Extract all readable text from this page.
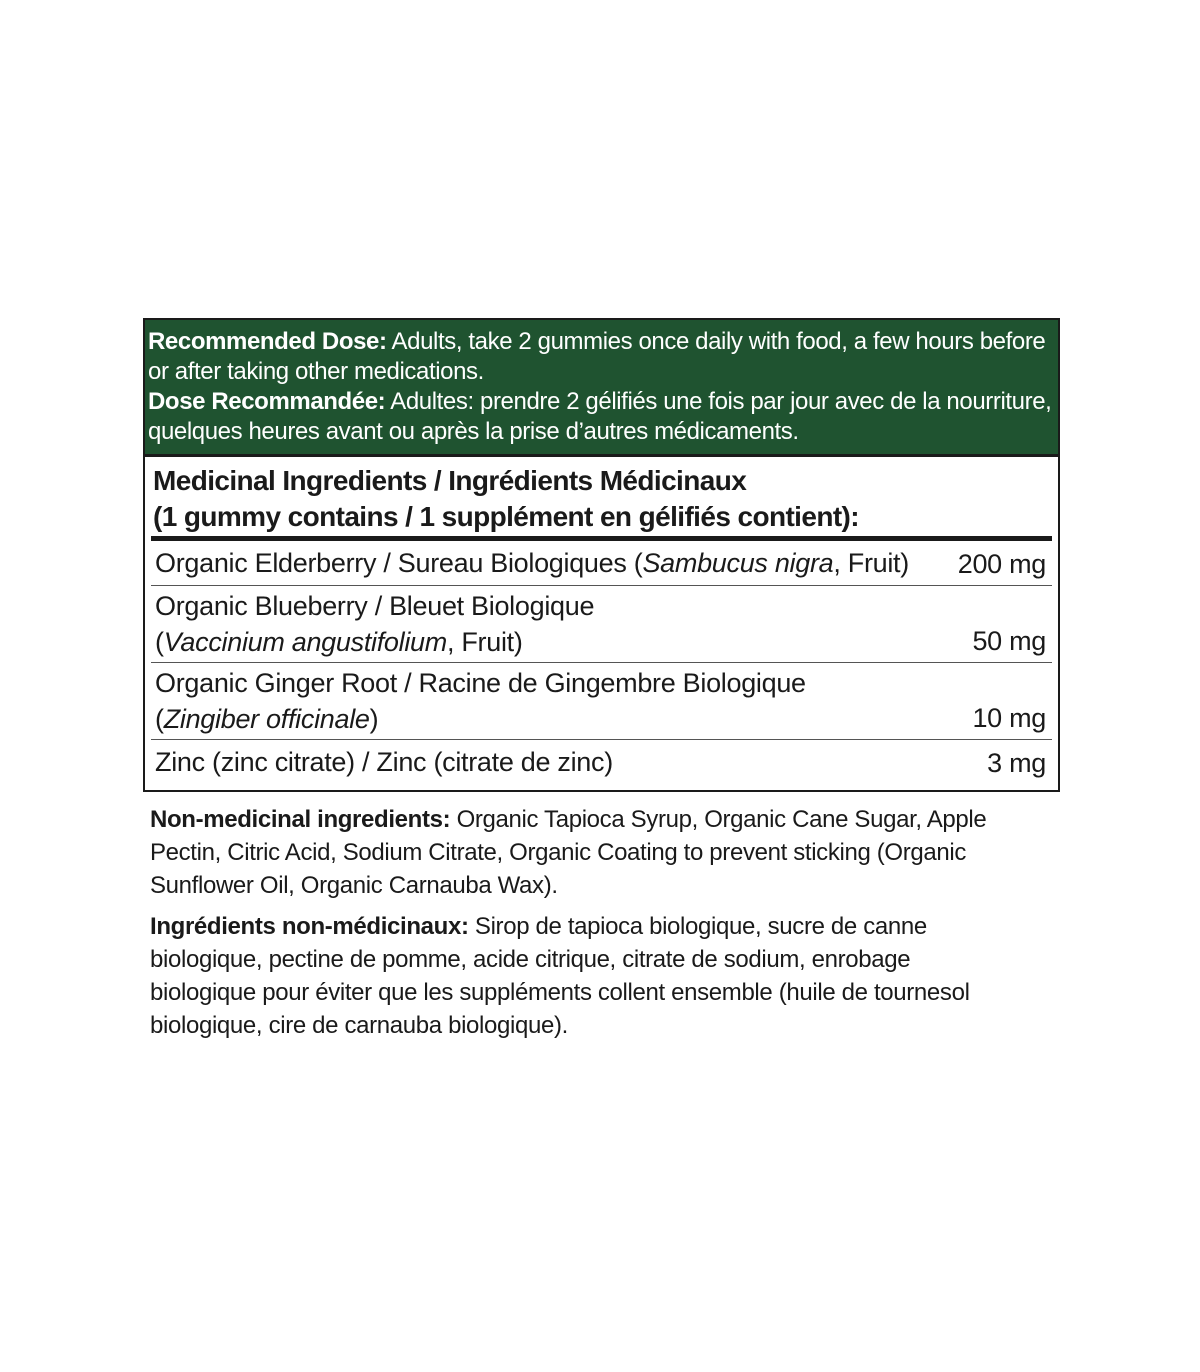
Recommended Dose: Adults, take 2 gummies once daily with food, a few hours before

or after taking other medications.

Dose Recommandée: Adultes: prendre 2 gélifiés une fois par jour avec de la nourriture,

quelques heures avant ou après la prise d’autres médicaments.

Medicinal Ingredients / Ingrédients Médicinaux
(1 gummy contains / 1 supplément en gélifiés contient):
Organic Elderberry / Sureau Biologiques (Sambucus nigra, Fruit)	200 mg
Organic Blueberry / Bleuet Biologique
(Vaccinium angustifolium, Fruit)	50 mg
Organic Ginger Root / Racine de Gingembre Biologique
(Zingiber officinale)	10 mg
Zinc (zinc citrate) / Zinc (citrate de zinc)	3 mg

Non-medicinal ingredients: Organic Tapioca Syrup, Organic Cane Sugar, Apple
Pectin, Citric Acid, Sodium Citrate, Organic Coating to prevent sticking (Organic
Sunflower Oil, Organic Carnauba Wax).

Ingrédients non-médicinaux: Sirop de tapioca biologique, sucre de canne
biologique, pectine de pomme, acide citrique, citrate de sodium, enrobage
biologique pour éviter que les suppléments collent ensemble (huile de tournesol
biologique, cire de carnauba biologique).
